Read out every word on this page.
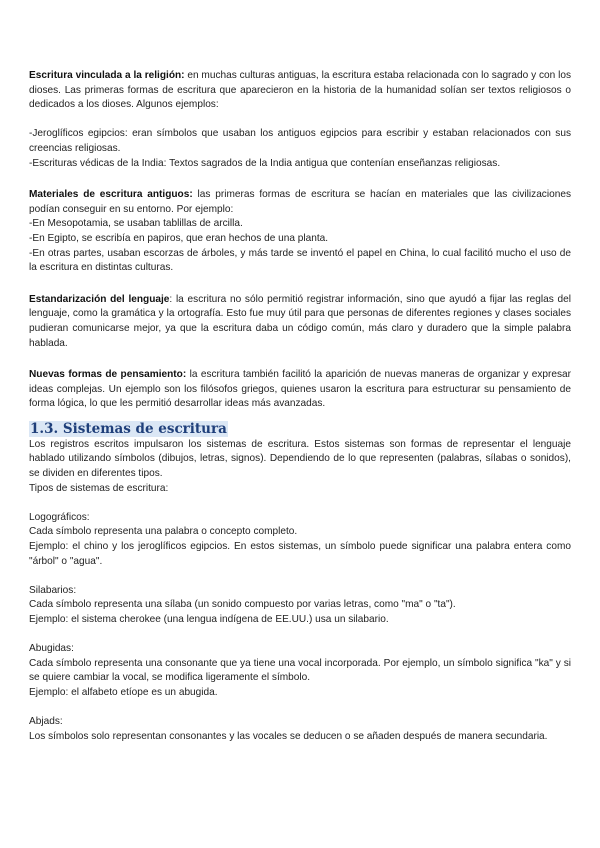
Escritura vinculada a la religión: en muchas culturas antiguas, la escritura estaba relacionada con lo sagrado y con los dioses. Las primeras formas de escritura que aparecieron en la historia de la humanidad solían ser textos religiosos o dedicados a los dioses. Algunos ejemplos:

-Jeroglíficos egipcios: eran símbolos que usaban los antiguos egipcios para escribir y estaban relacionados con sus creencias religiosas.

-Escrituras védicas de la India: Textos sagrados de la India antigua que contenían enseñanzas religiosas.

Materiales de escritura antiguos: las primeras formas de escritura se hacían en materiales que las civilizaciones podían conseguir en su entorno. Por ejemplo:

-En Mesopotamia, se usaban tablillas de arcilla.

-En Egipto, se escribía en papiros, que eran hechos de una planta.

-En otras partes, usaban escorzas de árboles, y más tarde se inventó el papel en China, lo cual facilitó mucho el uso de la escritura en distintas culturas.

Estandarización del lenguaje: la escritura no sólo permitió registrar información, sino que ayudó a fijar las reglas del lenguaje, como la gramática y la ortografía. Esto fue muy útil para que personas de diferentes regiones y clases sociales pudieran comunicarse mejor, ya que la escritura daba un código común, más claro y duradero que la simple palabra hablada.

Nuevas formas de pensamiento: la escritura también facilitó la aparición de nuevas maneras de organizar y expresar ideas complejas. Un ejemplo son los filósofos griegos, quienes usaron la escritura para estructurar su pensamiento de forma lógica, lo que les permitió desarrollar ideas más avanzadas.

1.3. Sistemas de escritura

Los registros escritos impulsaron los sistemas de escritura. Estos sistemas son formas de representar el lenguaje hablado utilizando símbolos (dibujos, letras, signos). Dependiendo de lo que representen (palabras, sílabas o sonidos), se dividen en diferentes tipos.

Tipos de sistemas de escritura:

Logográficos:

Cada símbolo representa una palabra o concepto completo.

Ejemplo: el chino y los jeroglíficos egipcios. En estos sistemas, un símbolo puede significar una palabra entera como "árbol" o "agua".

Silabarios:

Cada símbolo representa una sílaba (un sonido compuesto por varias letras, como "ma" o "ta").

Ejemplo: el sistema cherokee (una lengua indígena de EE.UU.) usa un silabario.

Abugidas:

Cada símbolo representa una consonante que ya tiene una vocal incorporada. Por ejemplo, un símbolo significa "ka" y si se quiere cambiar la vocal, se modifica ligeramente el símbolo.

Ejemplo: el alfabeto etíope es un abugida.

Abjads:

Los símbolos solo representan consonantes y las vocales se deducen o se añaden después de manera secundaria.
